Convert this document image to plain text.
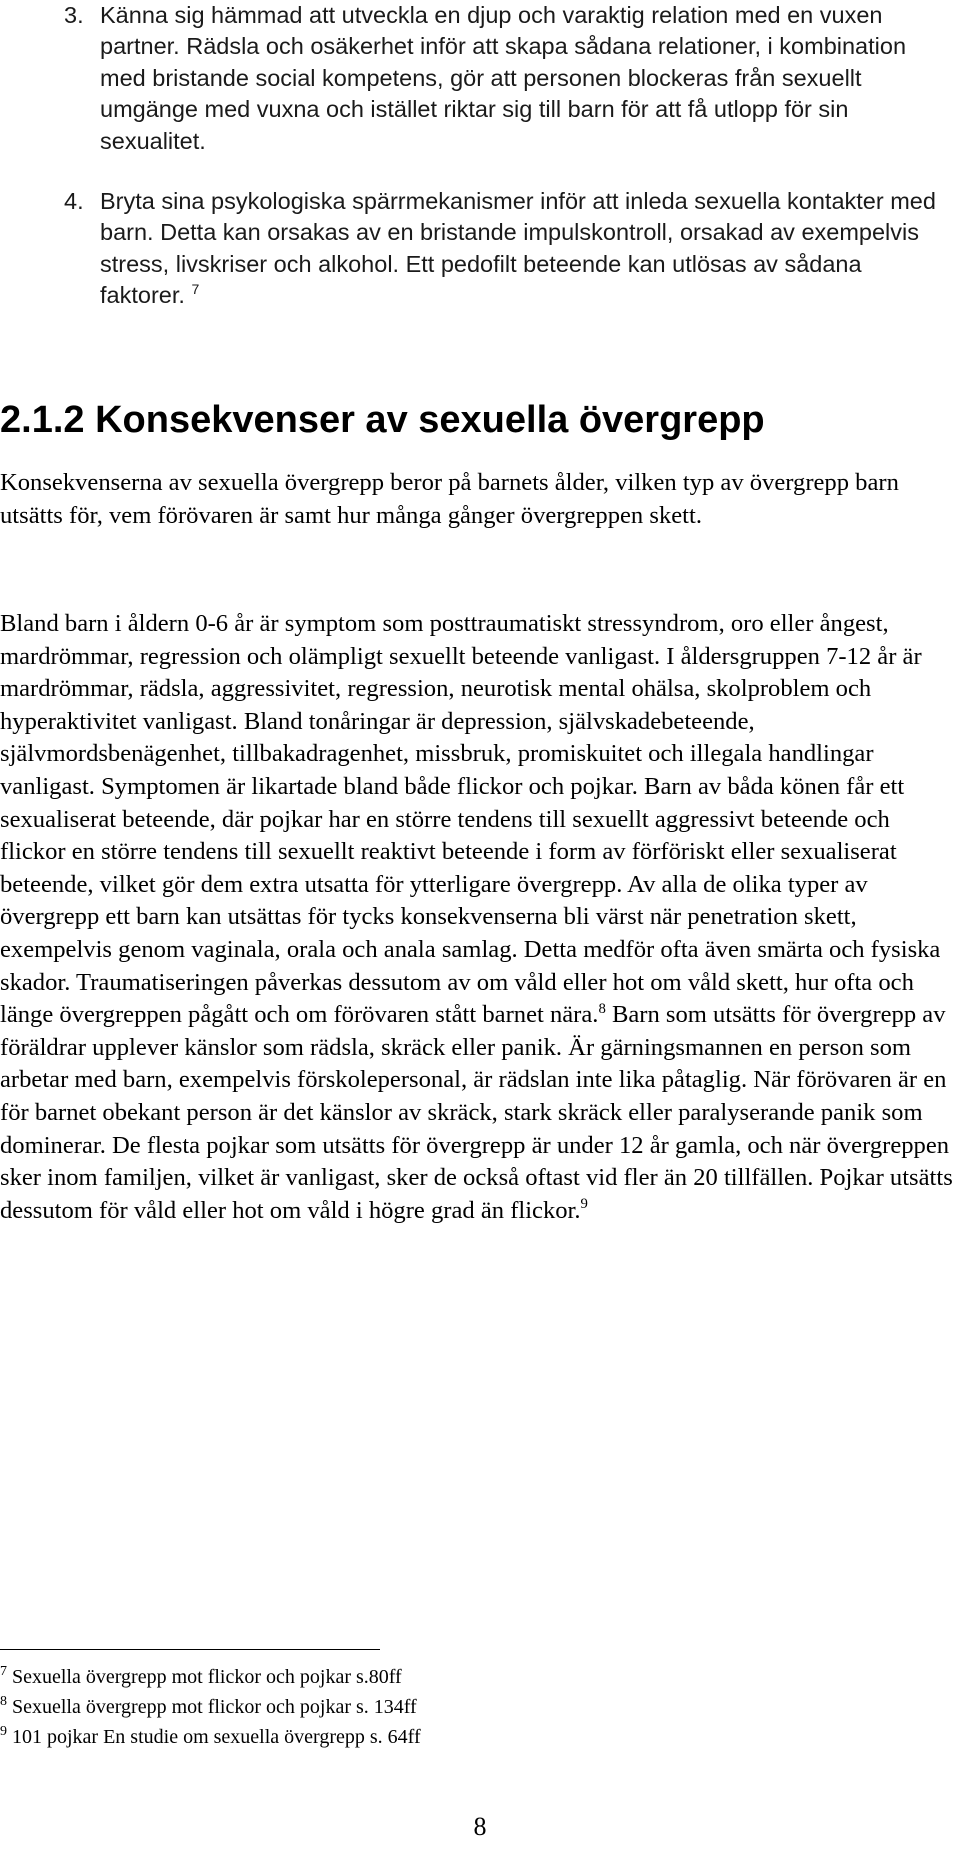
3. Känna sig hämmad att utveckla en djup och varaktig relation med en vuxen partner. Rädsla och osäkerhet inför att skapa sådana relationer, i kombination med bristande social kompetens, gör att personen blockeras från sexuellt umgänge med vuxna och istället riktar sig till barn för att få utlopp för sin sexualitet.
4. Bryta sina psykologiska spärrmekanismer inför att inleda sexuella kontakter med barn. Detta kan orsakas av en bristande impulskontroll, orsakad av exempelvis stress, livskriser och alkohol. Ett pedofilt beteende kan utlösas av sådana faktorer. $^7$
2.1.2 Konsekvenser av sexuella övergrepp

Konsekvenserna av sexuella övergrepp beror på barnets ålder, vilken typ av övergrepp barn utsätts för, vem förövaren är samt hur många gånger övergreppen skett.

Bland barn i åldern 0-6 år är symptom som posttraumatiskt stressyndrom, oro eller ångest, mardrömmar, regression och olämpligt sexuellt beteende vanligast. I åldersgruppen 7-12 år är mardrömmar, rädsla, aggressivitet, regression, neurotisk mental ohälsa, skolproblem och hyperaktivitet vanligast. Bland tonåringar är depression, självskadebeteende, självmordsbenägenhet, tillbakadragenhet, missbruk, promiskuitet och illegala handlingar vanligast. Symptomen är likartade bland både flickor och pojkar. Barn av båda könen får ett sexualiserat beteende, där pojkar har en större tendens till sexuellt aggressivt beteende och flickor en större tendens till sexuellt reaktivt beteende i form av förföriskt eller sexualiserat beteende, vilket gör dem extra utsatta för ytterligare övergrepp. Av alla de olika typer av övergrepp ett barn kan utsättas för tycks konsekvenserna bli värst när penetration skett, exempelvis genom vaginala, orala och anala samlag. Detta medför ofta även smärta och fysiska skador. Traumatiseringen påverkas dessutom av om våld eller hot om våld skett, hur ofta och länge övergreppen pågått och om förövaren stått barnet nära.$^8$ Barn som utsätts för övergrepp av föräldrar upplever känslor som rädsla, skräck eller panik. Är gärningsmannen en person som arbetar med barn, exempelvis förskolepersonal, är rädslan inte lika påtaglig. När förövaren är en för barnet obekant person är det känslor av skräck, stark skräck eller paralyserande panik som dominerar. De flesta pojkar som utsätts för övergrepp är under 12 år gamla, och när övergreppen sker inom familjen, vilket är vanligast, sker de också oftast vid fler än 20 tillfällen. Pojkar utsätts dessutom för våld eller hot om våld i högre grad än flickor.$^9$

$^7$ Sexuella övergrepp mot flickor och pojkar s.80ff
$^8$ Sexuella övergrepp mot flickor och pojkar s. 134ff
$^9$ 101 pojkar En studie om sexuella övergrepp s. 64ff
8
